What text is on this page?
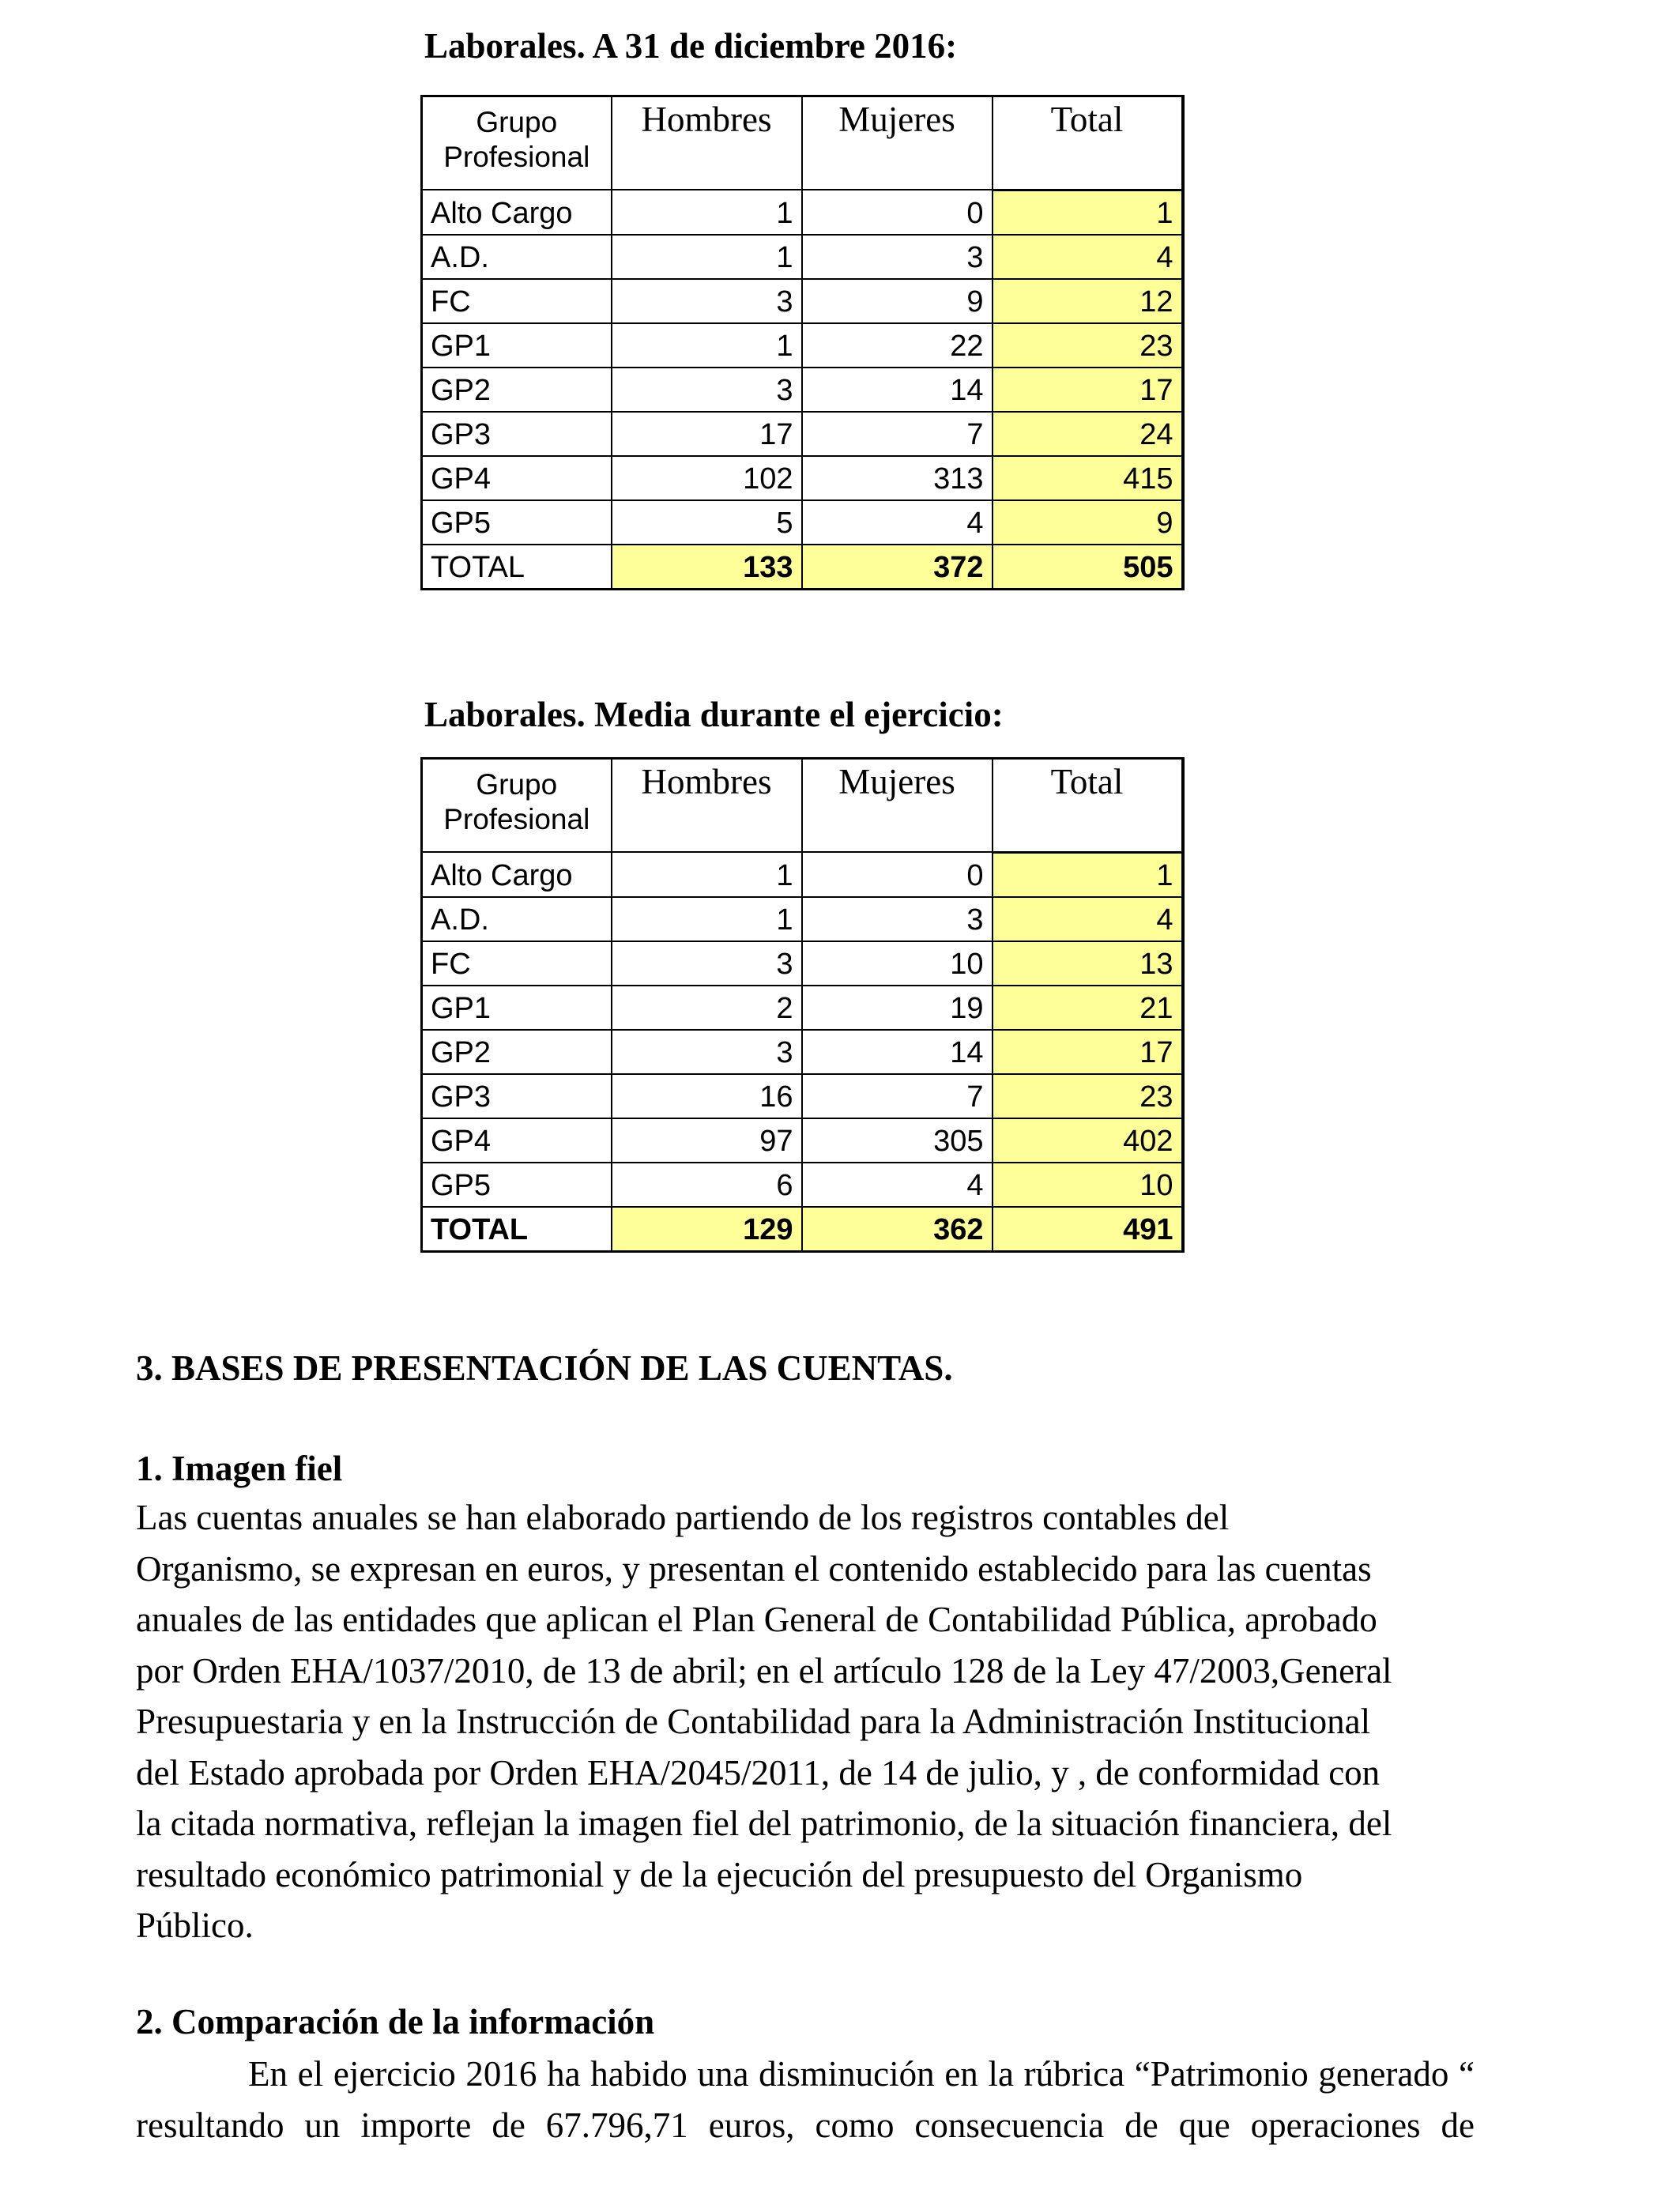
Laborales. A 31 de diciembre 2016:
Grupo Profesional	Hombres	Mujeres	Total
Alto Cargo	1	0	1
A.D.	1	3	4
FC	3	9	12
GP1	1	22	23
GP2	3	14	17
GP3	17	7	24
GP4	102	313	415
GP5	5	4	9
TOTAL	133	372	505
Laborales. Media durante el ejercicio:
Grupo Profesional	Hombres	Mujeres	Total
Alto Cargo	1	0	1
A.D.	1	3	4
FC	3	10	13
GP1	2	19	21
GP2	3	14	17
GP3	16	7	23
GP4	97	305	402
GP5	6	4	10
TOTAL	129	362	491
3. BASES DE PRESENTACIÓN DE LAS CUENTAS.
1. Imagen fiel
Las cuentas anuales se han elaborado partiendo de los registros contables del
Organismo, se expresan en euros, y presentan el contenido establecido para las cuentas
anuales de las entidades que aplican el Plan General de Contabilidad Pública, aprobado
por Orden EHA/1037/2010, de 13 de abril; en el artículo 128 de la Ley 47/2003,General
Presupuestaria y en la Instrucción de Contabilidad para la Administración Institucional
del Estado aprobada por Orden EHA/2045/2011, de 14 de julio, y , de conformidad con
la citada normativa, reflejan la imagen fiel del patrimonio, de la situación financiera, del
resultado económico patrimonial y de la ejecución del presupuesto del Organismo
Público.
2. Comparación de la información
En el ejercicio 2016 ha habido una disminución en la rúbrica “Patrimonio generado “
resultando un importe de 67.796,71 euros, como consecuencia de que operaciones de
